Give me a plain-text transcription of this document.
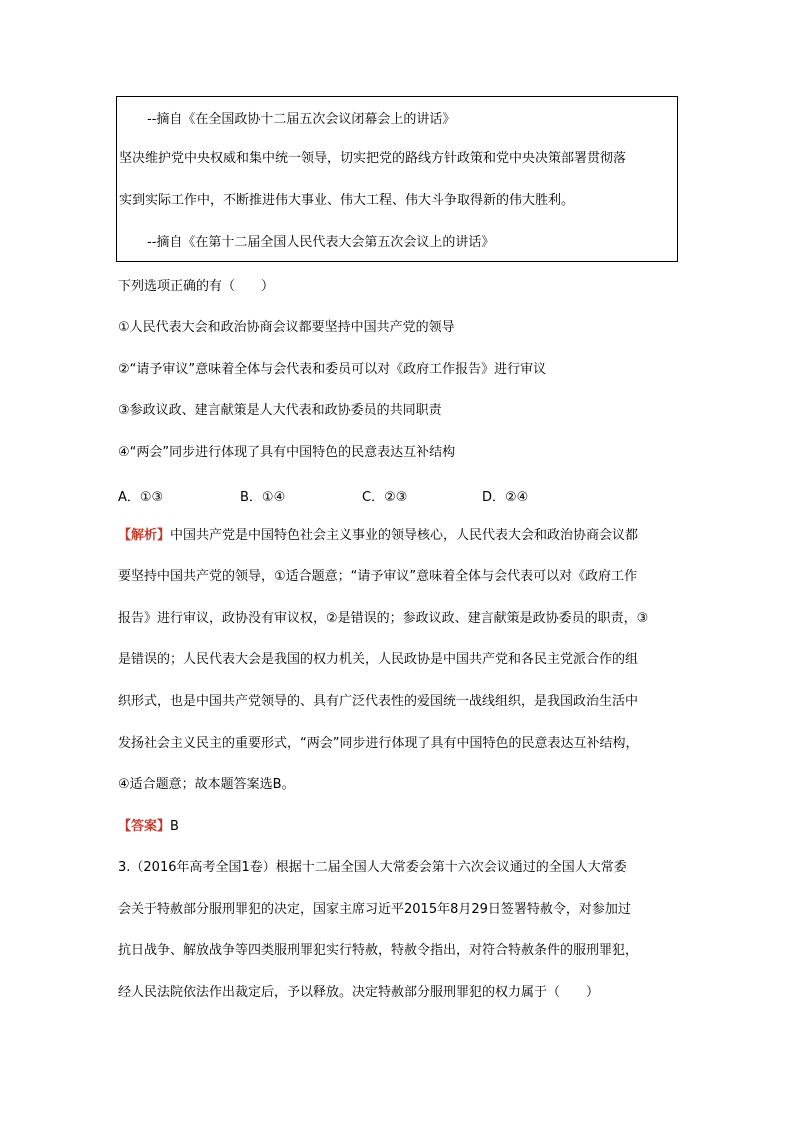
--摘自《在全国政协十二届五次会议闭幕会上的讲话》
坚决维护党中央权威和集中统一领导，切实把党的路线方针政策和党中央决策部署贯彻落
实到实际工作中，不断推进伟大事业、伟大工程、伟大斗争取得新的伟大胜利。
--摘自《在第十二届全国人民代表大会第五次会议上的讲话》
下列选项正确的有（　　）
①人民代表大会和政治协商会议都要坚持中国共产党的领导
②“请予审议”意味着全体与会代表和委员可以对《政府工作报告》进行审议
③参政议政、建言献策是人大代表和政协委员的共同职责
④“两会”同步进行体现了具有中国特色的民意表达互补结构
A．①③	B．①④	C．②③	D．②④
【解析】中国共产党是中国特色社会主义事业的领导核心，人民代表大会和政治协商会议都
要坚持中国共产党的领导，①适合题意；“请予审议”意味着全体与会代表可以对《政府工作
报告》进行审议，政协没有审议权，②是错误的；参政议政、建言献策是政协委员的职责，③
是错误的；人民代表大会是我国的权力机关，人民政协是中国共产党和各民主党派合作的组
织形式，也是中国共产党领导的、具有广泛代表性的爱国统一战线组织，是我国政治生活中
发扬社会主义民主的重要形式，“两会”同步进行体现了具有中国特色的民意表达互补结构，
④适合题意；故本题答案选B。
【答案】B
3.（2016年高考全国1卷）根据十二届全国人大常委会第十六次会议通过的全国人大常委
会关于特赦部分服刑罪犯的决定，国家主席习近平2015年8月29日签署特赦令，对参加过
抗日战争、解放战争等四类服刑罪犯实行特赦，特赦令指出，对符合特赦条件的服刑罪犯，
经人民法院依法作出裁定后，予以释放。决定特赦部分服刑罪犯的权力属于（　　）
